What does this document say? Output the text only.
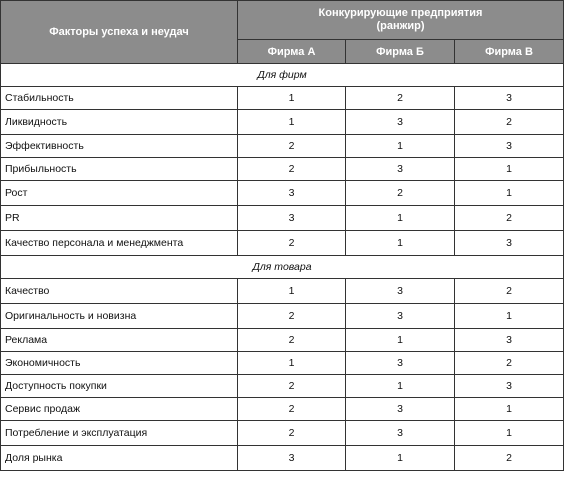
Факторы успеха и неудач	Конкурирующие предприятия
(ранжир)		
	Фирма А	Фирма Б	Фирма В
Для фирм			
Стабильность	1	2	3
Ликвидность	1	3	2
Эффективность	2	1	3
Прибыльность	2	3	1
Рост	3	2	1
PR	3	1	2
Качество персонала и менеджмента	2	1	3
Для товара			
Качество	1	3	2
Оригинальность и новизна	2	3	1
Реклама	2	1	3
Экономичность	1	3	2
Доступность покупки	2	1	3
Сервис продаж	2	3	1
Потребление и эксплуатация	2	3	1
Доля рынка	3	1	2
